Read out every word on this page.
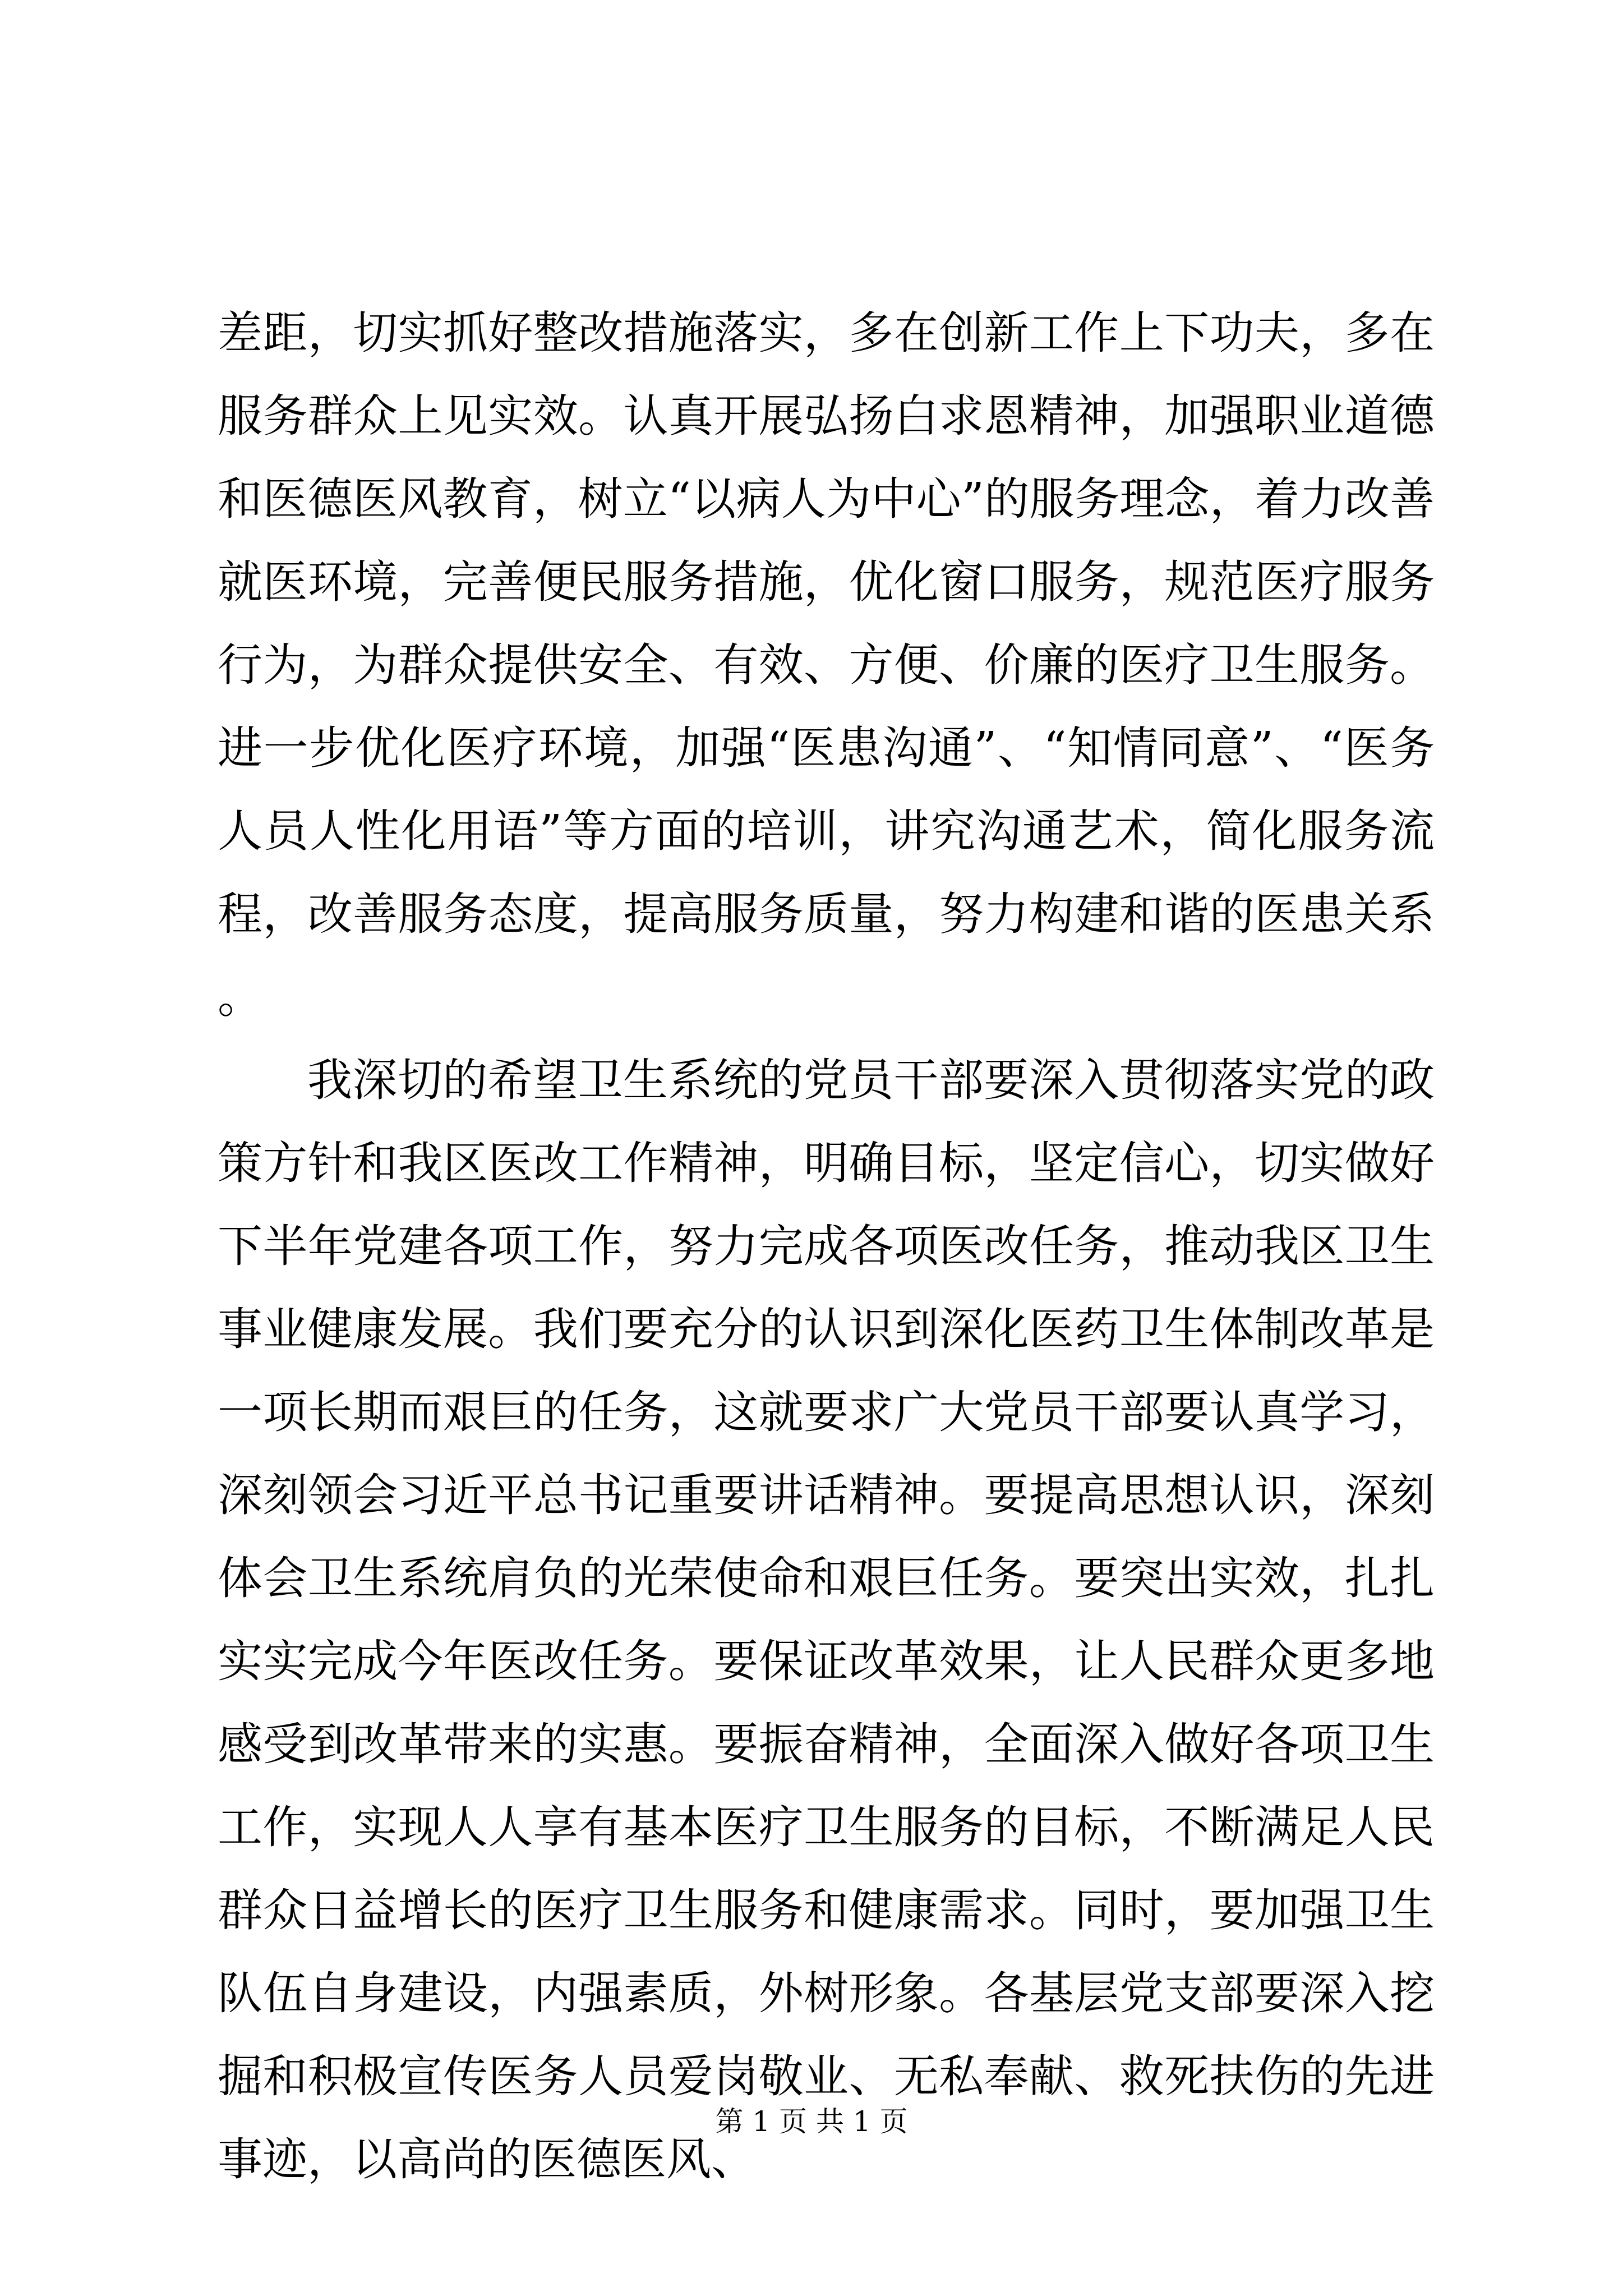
差距，切实抓好整改措施落实，多在创新工作上下功夫，多在服务群众上见实效。认真开展弘扬白求恩精神，加强职业道德和医德医风教育，树立“以病人为中心”的服务理念，着力改善就医环境，完善便民服务措施，优化窗口服务，规范医疗服务行为，为群众提供安全、有效、方便、价廉的医疗卫生服务。进一步优化医疗环境，加强“医患沟通”、“知情同意”、“医务人员人性化用语”等方面的培训，讲究沟通艺术，简化服务流程，改善服务态度，提高服务质量，努力构建和谐的医患关系。

我深切的希望卫生系统的党员干部要深入贯彻落实党的政策方针和我区医改工作精神，明确目标，坚定信心，切实做好下半年党建各项工作，努力完成各项医改任务，推动我区卫生事业健康发展。我们要充分的认识到深化医药卫生体制改革是一项长期而艰巨的任务，这就要求广大党员干部要认真学习，深刻领会习近平总书记重要讲话精神。要提高思想认识，深刻体会卫生系统肩负的光荣使命和艰巨任务。要突出实效，扎扎实实完成今年医改任务。要保证改革效果，让人民群众更多地感受到改革带来的实惠。要振奋精神，全面深入做好各项卫生工作，实现人人享有基本医疗卫生服务的目标，不断满足人民群众日益增长的医疗卫生服务和健康需求。同时，要加强卫生队伍自身建设，内强素质，外树形象。各基层党支部要深入挖掘和积极宣传医务人员爱岗敬业、无私奉献、救死扶伤的先进事迹，以高尚的医德医风、

第 1 页 共 1 页
